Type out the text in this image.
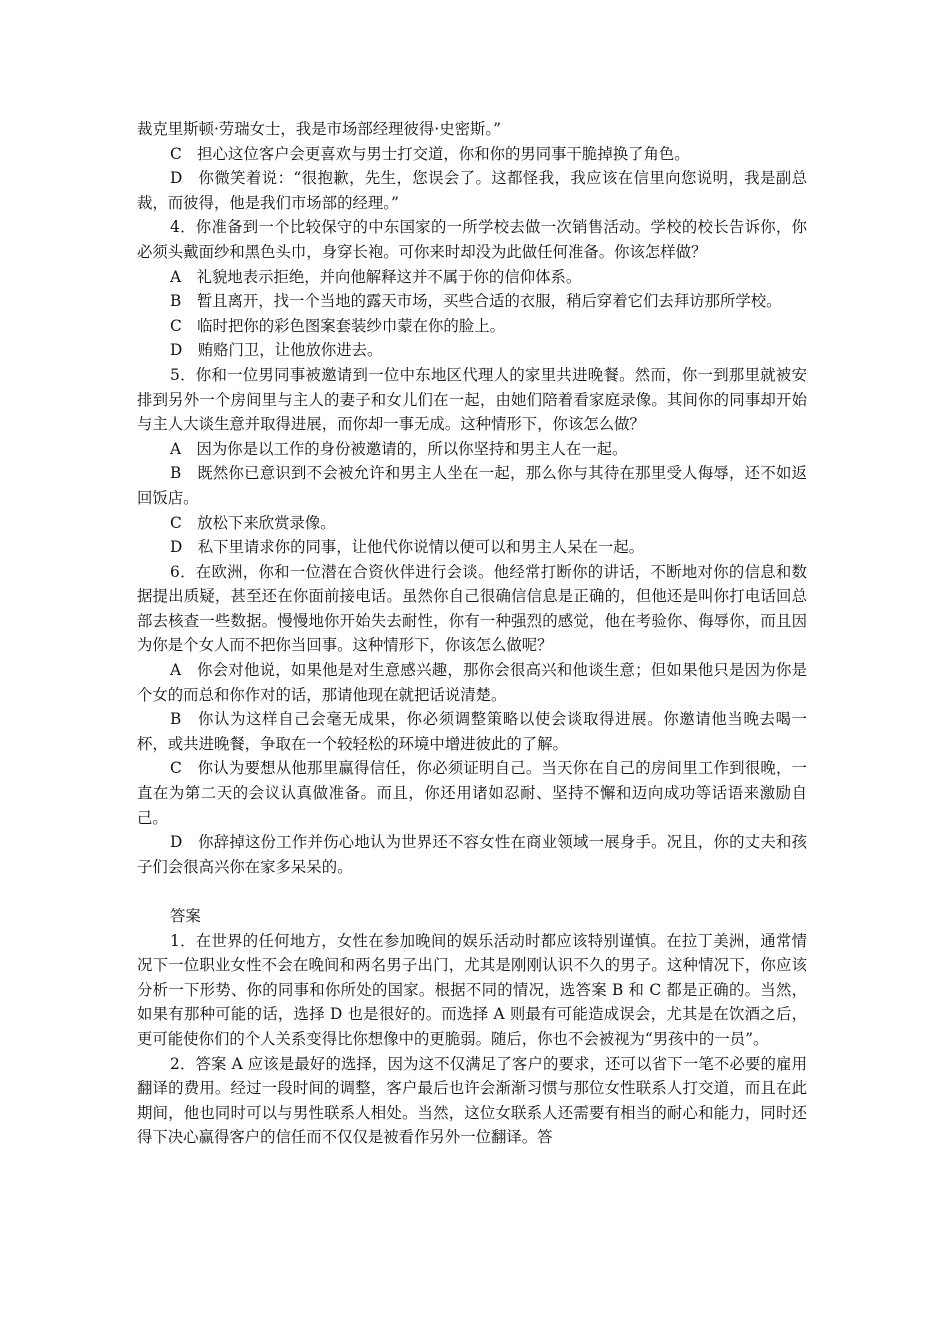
裁克里斯顿·劳瑞女士，我是市场部经理彼得·史密斯。”

C　担心这位客户会更喜欢与男士打交道，你和你的男同事干脆掉换了角色。

D　你微笑着说：“很抱歉，先生，您误会了。这都怪我，我应该在信里向您说明，我是副总裁，而彼得，他是我们市场部的经理。”

4．你准备到一个比较保守的中东国家的一所学校去做一次销售活动。学校的校长告诉你，你必须头戴面纱和黑色头巾，身穿长袍。可你来时却没为此做任何准备。你该怎样做？

A　礼貌地表示拒绝，并向他解释这并不属于你的信仰体系。

B　暂且离开，找一个当地的露天市场，买些合适的衣服，稍后穿着它们去拜访那所学校。

C　临时把你的彩色图案套装纱巾蒙在你的脸上。

D　贿赂门卫，让他放你进去。

5．你和一位男同事被邀请到一位中东地区代理人的家里共进晚餐。然而，你一到那里就被安排到另外一个房间里与主人的妻子和女儿们在一起，由她们陪着看家庭录像。其间你的同事却开始与主人大谈生意并取得进展，而你却一事无成。这种情形下，你该怎么做？

A　因为你是以工作的身份被邀请的，所以你坚持和男主人在一起。

B　既然你已意识到不会被允许和男主人坐在一起，那么你与其待在那里受人侮辱，还不如返回饭店。

C　放松下来欣赏录像。

D　私下里请求你的同事，让他代你说情以便可以和男主人呆在一起。

6．在欧洲，你和一位潜在合资伙伴进行会谈。他经常打断你的讲话，不断地对你的信息和数据提出质疑，甚至还在你面前接电话。虽然你自己很确信信息是正确的，但他还是叫你打电话回总部去核查一些数据。慢慢地你开始失去耐性，你有一种强烈的感觉，他在考验你、侮辱你，而且因为你是个女人而不把你当回事。这种情形下，你该怎么做呢？

A　你会对他说，如果他是对生意感兴趣，那你会很高兴和他谈生意；但如果他只是因为你是个女的而总和你作对的话，那请他现在就把话说清楚。

B　你认为这样自己会毫无成果，你必须调整策略以使会谈取得进展。你邀请他当晚去喝一杯，或共进晚餐，争取在一个较轻松的环境中增进彼此的了解。

C　你认为要想从他那里赢得信任，你必须证明自己。当天你在自己的房间里工作到很晚，一直在为第二天的会议认真做准备。而且，你还用诸如忍耐、坚持不懈和迈向成功等话语来激励自己。

D　你辞掉这份工作并伤心地认为世界还不容女性在商业领域一展身手。况且，你的丈夫和孩子们会很高兴你在家多呆呆的。

答案

1．在世界的任何地方，女性在参加晚间的娱乐活动时都应该特别谨慎。在拉丁美洲，通常情况下一位职业女性不会在晚间和两名男子出门，尤其是刚刚认识不久的男子。这种情况下，你应该分析一下形势、你的同事和你所处的国家。根据不同的情况，选答案 B 和 C 都是正确的。当然，如果有那种可能的话，选择 D 也是很好的。而选择 A 则最有可能造成误会，尤其是在饮酒之后，更可能使你们的个人关系变得比你想像中的更脆弱。随后，你也不会被视为“男孩中的一员”。

2．答案 A 应该是最好的选择，因为这不仅满足了客户的要求，还可以省下一笔不必要的雇用翻译的费用。经过一段时间的调整，客户最后也许会渐渐习惯与那位女性联系人打交道，而且在此期间，他也同时可以与男性联系人相处。当然，这位女联系人还需要有相当的耐心和能力，同时还得下决心赢得客户的信任而不仅仅是被看作另外一位翻译。答
